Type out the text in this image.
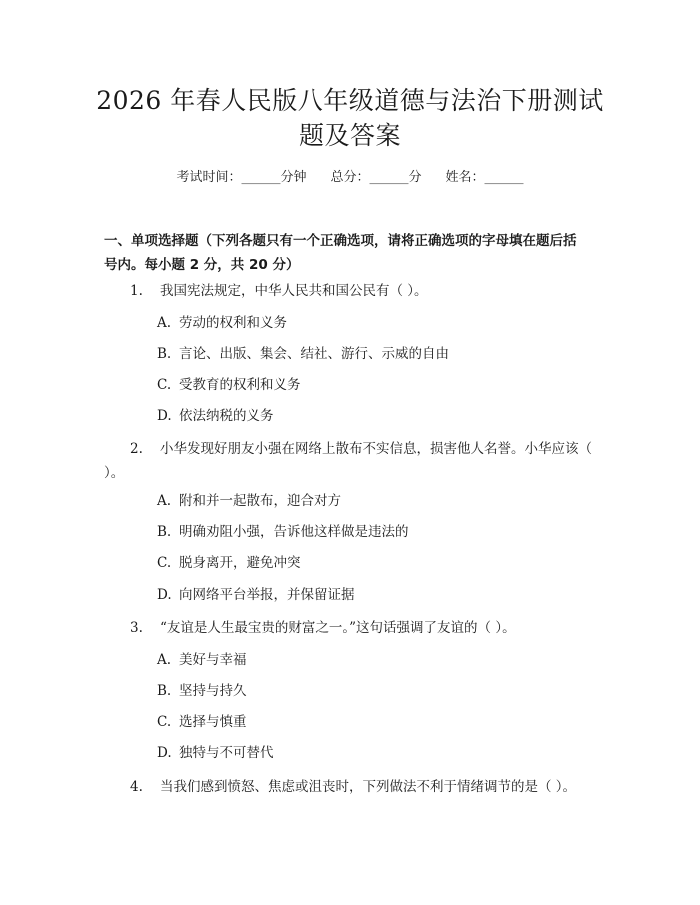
2026 年春人民版八年级道德与法治下册测试
题及答案
考试时间：______分钟 总分：______分 姓名：______
一、单项选择题（下列各题只有一个正确选项，请将正确选项的字母填在题后括
号内。每小题 2 分，共 20 分）
1. 我国宪法规定，中华人民共和国公民有（ ）。
A. 劳动的权利和义务
B. 言论、出版、集会、结社、游行、示威的自由
C. 受教育的权利和义务
D. 依法纳税的义务
2.	小华发现好朋友小强在网络上散布不实信息，损害他人名誉。小华应该（ ）。
A. 附和并一起散布，迎合对方
B. 明确劝阻小强，告诉他这样做是违法的
C. 脱身离开，避免冲突
D. 向网络平台举报，并保留证据
3. “友谊是人生最宝贵的财富之一。”这句话强调了友谊的（ ）。
A. 美好与幸福
B. 坚持与持久
C. 选择与慎重
D. 独特与不可替代
4. 当我们感到愤怒、焦虑或沮丧时，下列做法不利于情绪调节的是（ ）。
